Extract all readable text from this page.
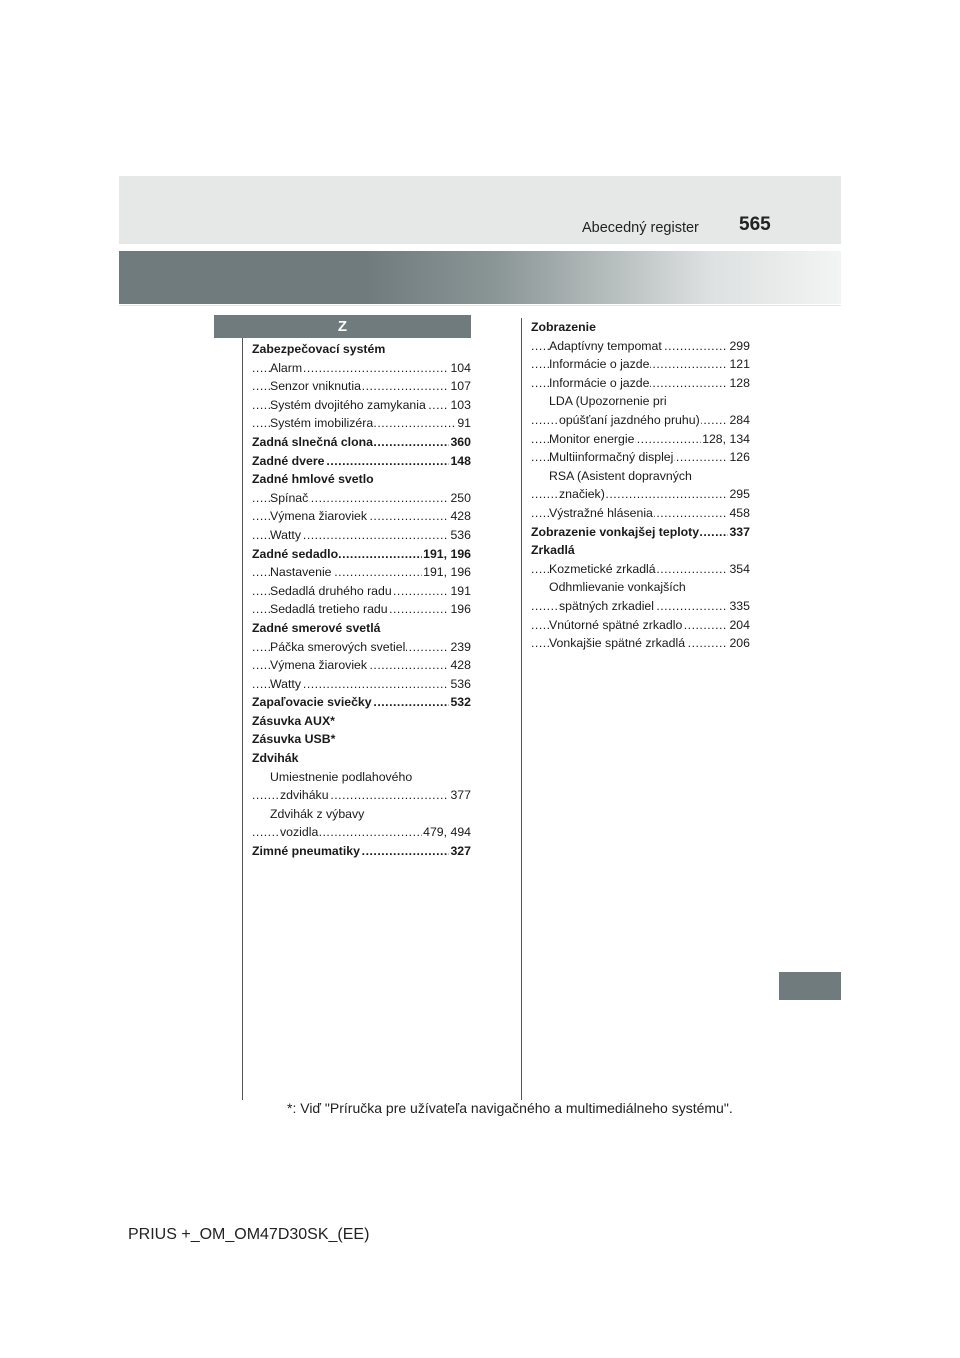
Abecedný register 565
Z
Zabezpečovací systém
..... Alarm	104
..... Senzor vniknutia	107
..... Systém dvojitého zamykania 103
..... Systém imobilizéra	91
..... Zadná slnečná clona	360
..... Zadné dvere	148
Zadné hmlové svetlo
..... Spínač	250
..... Výmena žiaroviek	428
..... Watty	536
..... Zadné sedadlo	191, 196
..... Nastavenie	191, 196
..... Sedadlá druhého radu	191
..... Sedadlá tretieho radu	196
Zadné smerové svetlá
..... Páčka smerových svetiel	239
..... Výmena žiaroviek	428
..... Watty	536
..... Zapaľovacie sviečky	532
Zásuvka AUX*
Zásuvka USB*
Zdvihák
Umiestnenie podlahového
..... zdviháku	377
Zdvihák z výbavy
..... vozidla	479, 494
..... Zimné pneumatiky	327
Zobrazenie
..... Adaptívny tempomat	299
..... Informácie o jazde	121
..... Informácie o jazde	128
LDA (Upozornenie pri
..... opúšťaní jazdného pruhu) 284
..... Monitor energie	128, 134
..... Multiinformačný displej	126
RSA (Asistent dopravných
..... značiek)	295
..... Výstražné hlásenia	458
..... Zobrazenie vonkajšej teploty 337
Zrkadlá
..... Kozmetické zrkadlá	354
Odhmlievanie vonkajších
..... spätných zrkadiel	335
..... Vnútorné spätné zrkadlo	204
..... Vonkajšie spätné zrkadlá	206
*: Viď "Príručka pre užívateľa navigačného a multimediálneho systému".
PRIUS +_OM_OM47D30SK_(EE)
